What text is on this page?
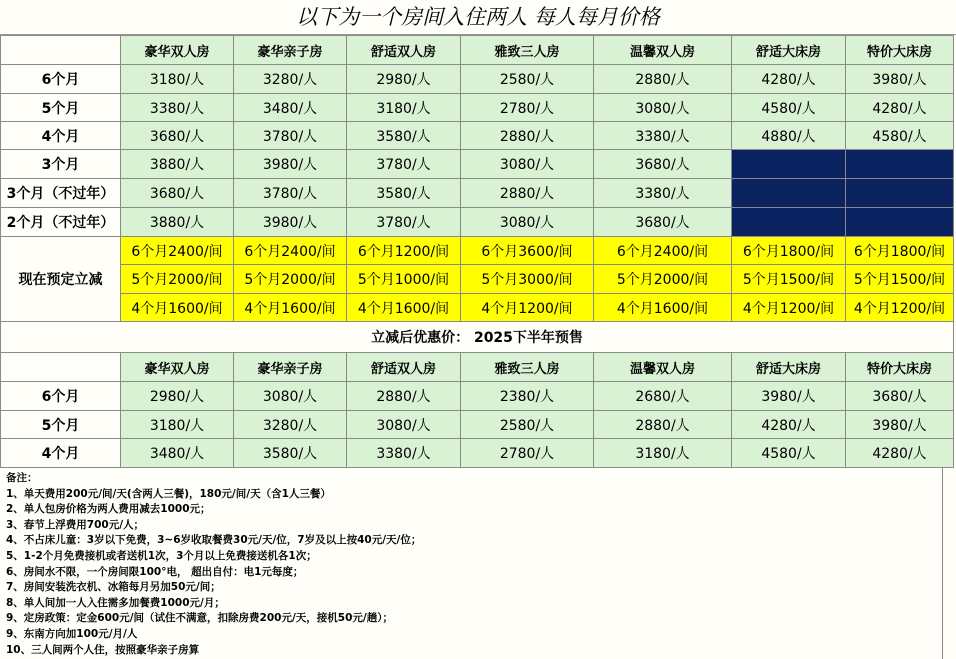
以下为一个房间入住两人 每人每月价格
	豪华双人房	豪华亲子房	舒适双人房	雅致三人房	温馨双人房	舒适大床房	特价大床房
6个月	3180/人	3280/人	2980/人	2580/人	2880/人	4280/人	3980/人
5个月	3380/人	3480/人	3180/人	2780/人	3080/人	4580/人	4280/人
4个月	3680/人	3780/人	3580/人	2880/人	3380/人	4880/人	4580/人
3个月	3880/人	3980/人	3780/人	3080/人	3680/人		
3个月（不过年）	3680/人	3780/人	3580/人	2880/人	3380/人		
2个月（不过年）	3880/人	3980/人	3780/人	3080/人	3680/人		
现在预定立减	6个月2400/间	6个月2400/间	6个月1200/间	6个月3600/间	6个月2400/间	6个月1800/间	6个月1800/间
	5个月2000/间	5个月2000/间	5个月1000/间	5个月3000/间	5个月2000/间	5个月1500/间	5个月1500/间
	4个月1600/间	4个月1600/间	4个月1600/间	4个月1200/间	4个月1600/间	4个月1200/间	4个月1200/间
立减后优惠价： 2025下半年预售							
	豪华双人房	豪华亲子房	舒适双人房	雅致三人房	温馨双人房	舒适大床房	特价大床房
6个月	2980/人	3080/人	2880/人	2380/人	2680/人	3980/人	3680/人
5个月	3180/人	3280/人	3080/人	2580/人	2880/人	4280/人	3980/人
4个月	3480/人	3580/人	3380/人	2780/人	3180/人	4580/人	4280/人
备注：
1、单天费用200元/间/天(含两人三餐)，180元/间/天（含1人三餐）
2、单人包房价格为两人费用减去1000元；
3、春节上浮费用700元/人；
4、不占床儿童：3岁以下免费，3~6岁收取餐费30元/天/位，7岁及以上按40元/天/位；
5、1-2个月免费接机或者送机1次，3个月以上免费接送机各1次；
6、房间水不限，一个房间限100°电， 超出自付：电1元每度；
7、房间安装洗衣机、冰箱每月另加50元/间；
8、单人间加一人入住需多加餐费1000元/月；
9、定房政策：定金600元/间（试住不满意，扣除房费200元/天，接机50元/趟）；
9、东南方向加100元/月/人
10、三人间两个人住，按照豪华亲子房算
